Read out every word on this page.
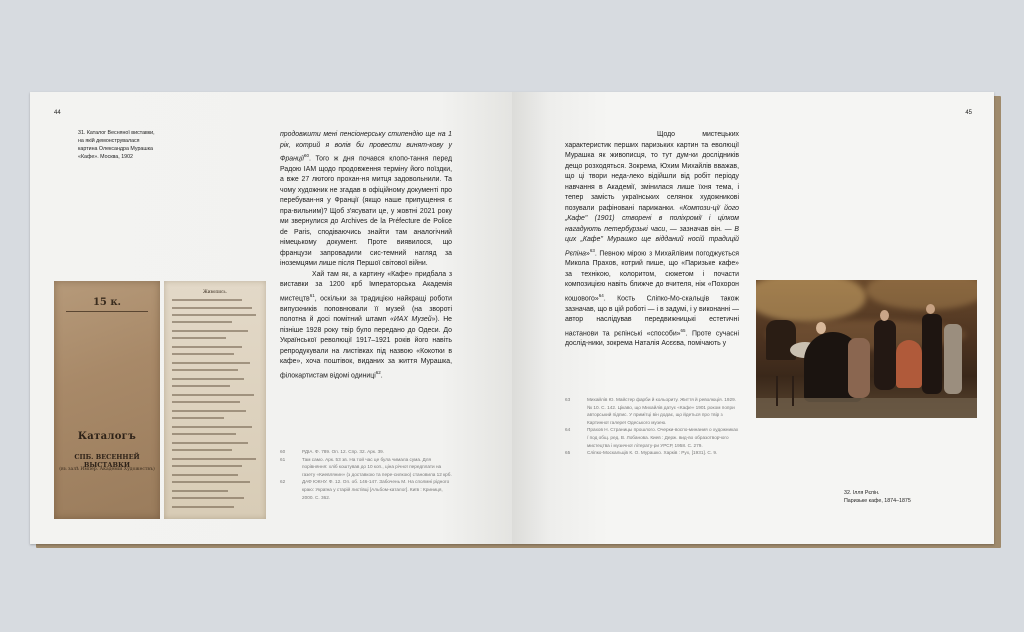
44
31. Каталог Весняної виставки,
на якій демонструвалася
картина Олександра Мурашка
«Кафе». Москва, 1902
15 к.
Каталогъ
СПБ. ВЕСЕННЕЙ ВЫСТАВКИ
(въ залѣ Импер. Академіи Художествъ)
Живопись.

продовжити мені пенсіонерську стипендію ще на 1 рік, котрий я волів би провести винят-кову у Франції$^{60}$. Того ж дня почався клопо-тання перед Радою ІАМ щодо продовження терміну його поїздки, а вже 27 лютого прохан-ня митця задовольнили. Та чому художник не згадав в офіційному документі про перебуван-ня у Франції (якщо наше припущення є пра-вильним)? Щоб з'ясувати це, у жовтні 2021 року ми звернулися до Archives de la Préfecture de Police de Paris, сподіваючись знайти там аналогічний німецькому документ. Проте виявилося, що французи запровадили сис-темний нагляд за іноземцями лише після Першої світової війни.

Хай там як, а картину «Кафе» придбала з виставки за 1200 крб Імператорська Академія мистецтв$^{61}$, оскільки за традицією найкращі роботи випускників поповнювали її музей (на звороті полотна й досі помітний штамп «ИАХ Музей»). Не пізніше 1928 року твір було передано до Одеси. До Української революції 1917–1921 років його навіть репродукували на листівках під назвою «Кокотки в кафе», хоча поштівок, виданих за життя Мурашка, філокартистам відомі одиниці$^{62}$.

60	РДІА. Ф. 789. Оп. 12. Спр. 32. Арк. 39.
61	Там само. Арк. 53 зв. На той час це була чимала сума. Для порівняння: хліб коштував до 10 коп., ціна річної передплати на газету «Киевлянин» (з доставкою та пере-силкою) становила 12 крб.
62	ДАФ ЮКНУ. Ф. 12. Оп. об. 146-147. Забочень М. На сполмні рідного краю: Україна у старій листівці [Альбом-каталог]. Київ : Криниця, 2000. С. 362.
45

Щодо мистецьких характеристик перших паризьких картин та еволюції Мурашка як живописця, то тут дум-ки дослідників дещо розходяться. Зокрема, Юхим Михайлів вважав, що ці твори неда-леко відійшли від робіт періоду навчання в Академії, змінилася лише їхня тема, і тепер замість українських селянок художникові позували рафіновані парижанки. «Компози-ції його „Кафе" (1901) створені в поліхромії і цілком нагадують петербурзькі часи, — зазначав він. — В цих „Кафе" Мурашко ще відданий носій традицій Рєпіна»$^{63}$. Певною мірою з Михайлівим погоджується Микола Прахов, котрий пише, що «Паризьке кафе» за технікою, колоритом, сюжетом і почасти композицією навіть ближче до вчителя, ніж «Похорон кошового»$^{64}$. Кость Сліпко-Мо-скальців також зазначав, що в цій роботі — і в задумі, і у виконанні — автор наслідував передвижницькі естетичні настанови та рєпінські «способи»$^{65}$. Проте сучасні дослід-ники, зокрема Наталія Асєєва, помічають у

63	Михайлів Ю. Майстер фарби й кольориту. Життя й революція. 1929. № 10. С. 142. Цікаво, що Михайлів датує «Кафе» 1901 роком попри авторський підпис. У примітці він додає, що йдеться про твір з Картинної галереї Одеського музею.
64	Прахов Н. Страницы прошлого. Очерки-воспо-минания о художниках / под общ. ред. В. Лобанова. Киев : Держ. вид-во образотворчого мистецтва і музичної літерату-ри УРСР, 1958. С. 279.
65	Сліпко-Москальців К. О. Мурашко. Харків : Рух, [1931]. С. 9.
32. Ілля Рєпін.
Паризьке кафе, 1874–1875
